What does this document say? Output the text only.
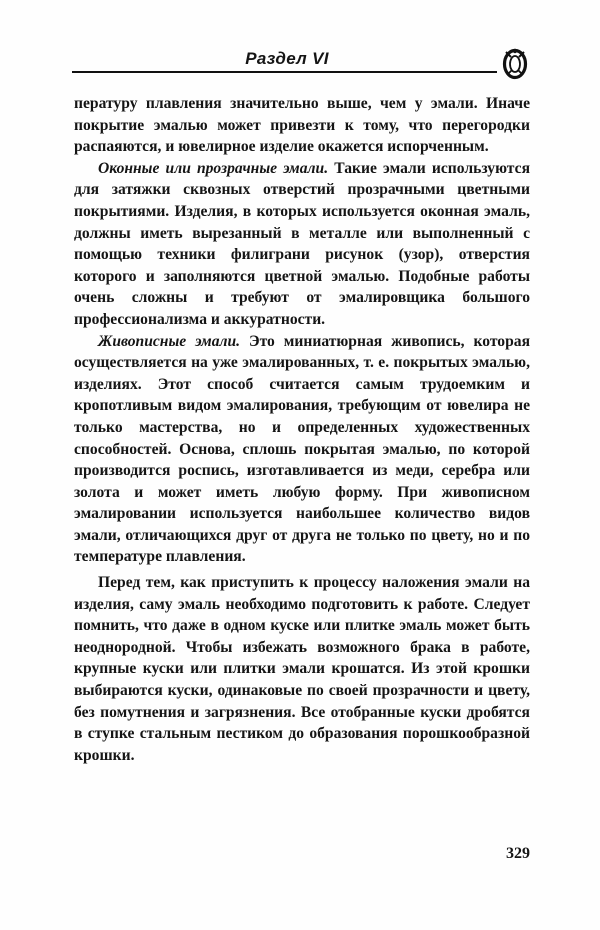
Раздел VI

пературу плавления значительно выше, чем у эмали. Иначе покрытие эмалью может привезти к тому, что перегородки распаяются, и ювелирное изделие окажется испорченным.

Оконные или прозрачные эмали. Такие эмали используются для затяжки сквозных отверстий прозрачными цветными покрытиями. Изделия, в которых используется оконная эмаль, должны иметь вырезанный в металле или выполненный с помощью техники филиграни рисунок (узор), отверстия которого и заполняются цветной эмалью. Подобные работы очень сложны и требуют от эмалировщика большого профессионализма и аккуратности.

Живописные эмали. Это миниатюрная живопись, которая осуществляется на уже эмалированных, т. е. покрытых эмалью, изделиях. Этот способ считается самым трудоемким и кропотливым видом эмалирования, требующим от ювелира не только мастерства, но и определенных художественных способностей. Основа, сплошь покрытая эмалью, по которой производится роспись, изготавливается из меди, серебра или золота и может иметь любую форму. При живописном эмалировании используется наибольшее количество видов эмали, отличающихся друг от друга не только по цвету, но и по температуре плавления.

Перед тем, как приступить к процессу наложения эмали на изделия, саму эмаль необходимо подготовить к работе. Следует помнить, что даже в одном куске или плитке эмаль может быть неоднородной. Чтобы избежать возможного брака в работе, крупные куски или плитки эмали крошатся. Из этой крошки выбираются куски, одинаковые по своей прозрачности и цвету, без помутнения и загрязнения. Все отобранные куски дробятся в ступке стальным пестиком до образования порошкообразной крошки.

329
